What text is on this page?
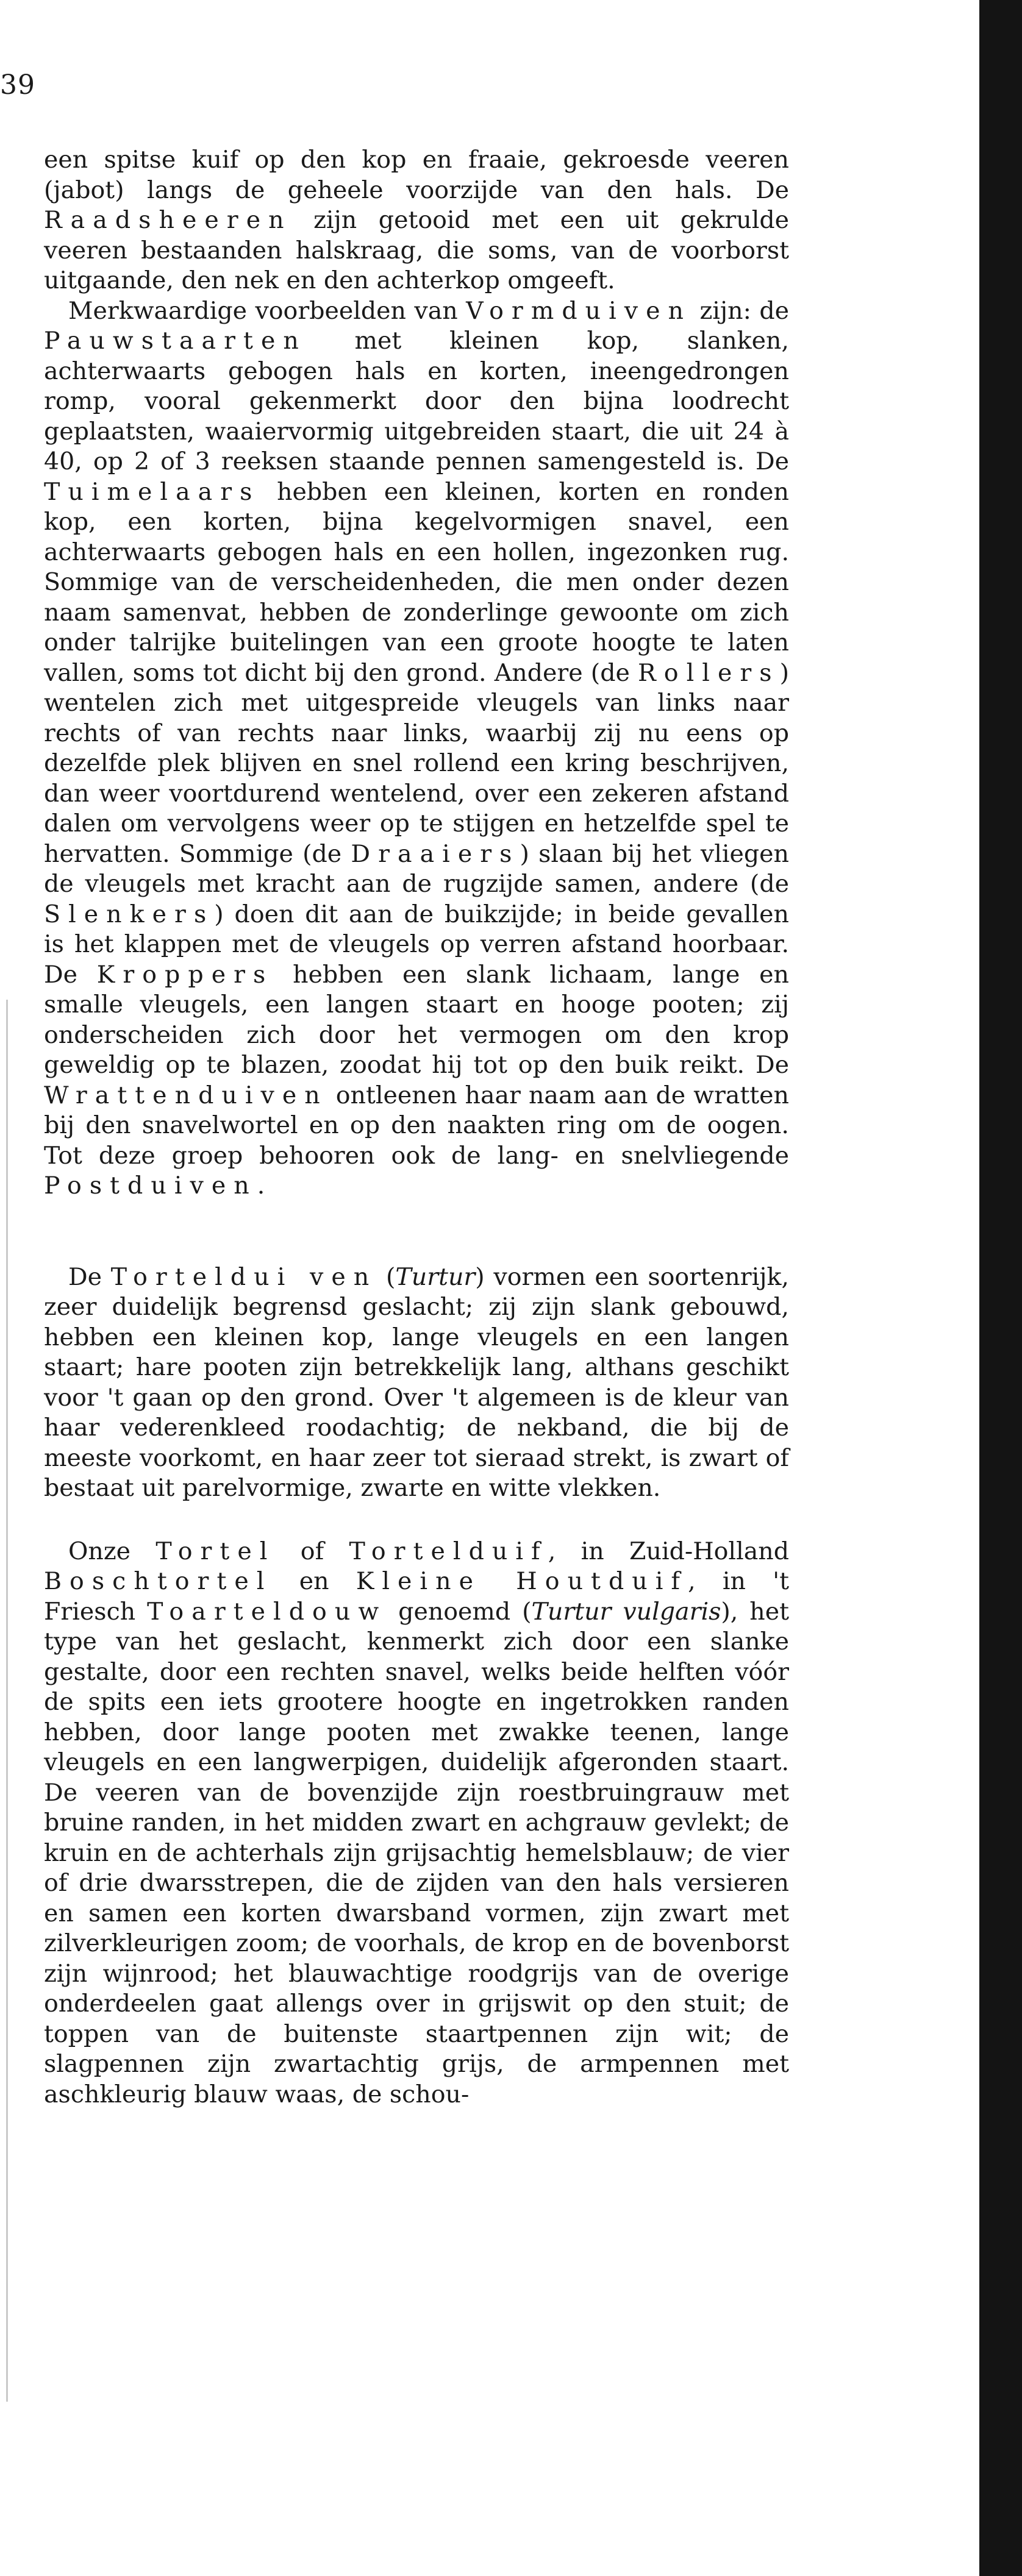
39

een spitse kuif op den kop en fraaie, gekroesde veeren (jabot) langs de geheele voorzijde van den hals. De Raadsheeren zijn getooid met een uit gekrulde veeren bestaanden halskraag, die soms, van de voorborst uitgaande, den nek en den achterkop omgeeft.

Merkwaardige voorbeelden van Vormduiven zijn: de Pauwstaarten met kleinen kop, slanken, achterwaarts gebogen hals en korten, ineengedrongen romp, vooral gekenmerkt door den bijna loodrecht geplaatsten, waaiervormig uitgebreiden staart, die uit 24 à 40, op 2 of 3 reeksen staande pennen samengesteld is. De Tuimelaars hebben een kleinen, korten en ronden kop, een korten, bijna kegelvormigen snavel, een achterwaarts gebogen hals en een hollen, ingezonken rug. Sommige van de verscheidenheden, die men onder dezen naam samenvat, hebben de zonderlinge gewoonte om zich onder talrijke buitelingen van een groote hoogte te laten vallen, soms tot dicht bij den grond. Andere (de Rollers) wentelen zich met uitgespreide vleugels van links naar rechts of van rechts naar links, waarbij zij nu eens op dezelfde plek blijven en snel rollend een kring beschrijven, dan weer voortdurend wentelend, over een zekeren afstand dalen om vervolgens weer op te stijgen en hetzelfde spel te hervatten. Sommige (de Draaiers) slaan bij het vliegen de vleugels met kracht aan de rugzijde samen, andere (de Slenkers) doen dit aan de buikzijde; in beide gevallen is het klappen met de vleugels op verren afstand hoorbaar. De Kroppers hebben een slank lichaam, lange en smalle vleugels, een langen staart en hooge pooten; zij onderscheiden zich door het vermogen om den krop geweldig op te blazen, zoodat hij tot op den buik reikt. De Wrattenduiven ontleenen haar naam aan de wratten bij den snavelwortel en op den naakten ring om de oogen. Tot deze groep behooren ook de lang- en snelvliegende Postduiven.

De Torteldui ven (Turtur) vormen een soortenrijk, zeer duidelijk begrensd geslacht; zij zijn slank gebouwd, hebben een kleinen kop, lange vleugels en een langen staart; hare pooten zijn betrekkelijk lang, althans geschikt voor 't gaan op den grond. Over 't algemeen is de kleur van haar vederenkleed roodachtig; de nekband, die bij de meeste voorkomt, en haar zeer tot sieraad strekt, is zwart of bestaat uit parelvormige, zwarte en witte vlekken.

Onze Tortel of Tortelduif, in Zuid-Holland Boschtortel en Kleine Houtduif, in 't Friesch Toarteldouw genoemd (Turtur vulgaris), het type van het geslacht, kenmerkt zich door een slanke gestalte, door een rechten snavel, welks beide helften vóór de spits een iets grootere hoogte en ingetrokken randen hebben, door lange pooten met zwakke teenen, lange vleugels en een langwerpigen, duidelijk afgeronden staart. De veeren van de bovenzijde zijn roestbruingrauw met bruine randen, in het midden zwart en achgrauw gevlekt; de kruin en de achterhals zijn grijsachtig hemelsblauw; de vier of drie dwarsstrepen, die de zijden van den hals versieren en samen een korten dwarsband vormen, zijn zwart met zilverkleurigen zoom; de voorhals, de krop en de bovenborst zijn wijnrood; het blauwachtige roodgrijs van de overige onderdeelen gaat allengs over in grijswit op den stuit; de toppen van de buitenste staartpennen zijn wit; de slagpennen zijn zwartachtig grijs, de armpennen met aschkleurig blauw waas, de schou-
